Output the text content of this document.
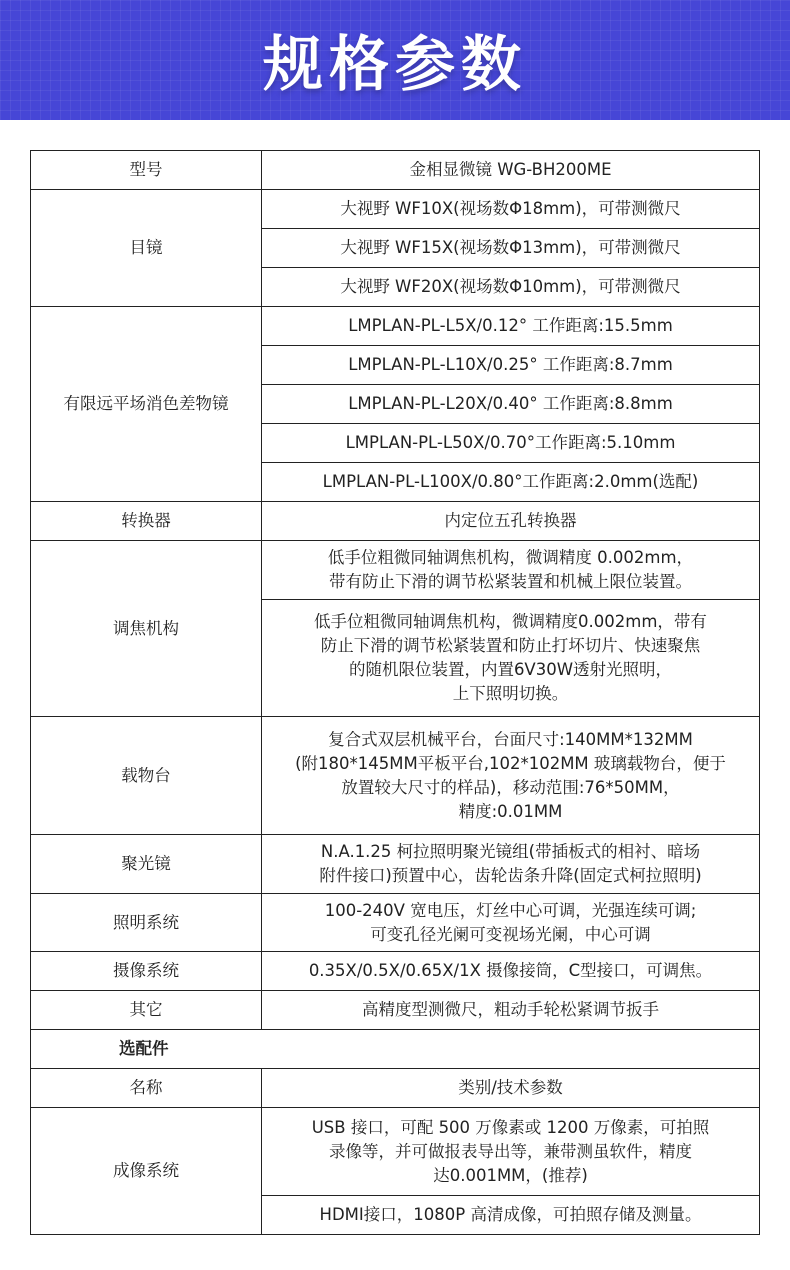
规格参数
型号	金相显微镜 WG-BH200ME
目镜	大视野 WF10X(视场数Φ18mm)，可带测微尺
	大视野 WF15X(视场数Φ13mm)，可带测微尺
	大视野 WF20X(视场数Φ10mm)，可带测微尺
有限远平场消色差物镜	LMPLAN-PL-L5X/0.12° 工作距离:15.5mm
	LMPLAN-PL-L10X/0.25° 工作距离:8.7mm
	LMPLAN-PL-L20X/0.40° 工作距离:8.8mm
	LMPLAN-PL-L50X/0.70°工作距离:5.10mm
	LMPLAN-PL-L100X/0.80°工作距离:2.0mm(选配)
转换器	内定位五孔转换器
调焦机构	低手位粗微同轴调焦机构，微调精度 0.002mm，
带有防止下滑的调节松紧装置和机械上限位装置。
	低手位粗微同轴调焦机构，微调精度0.002mm，带有
防止下滑的调节松紧装置和防止打坏切片、快速聚焦
的随机限位装置，内置6V30W透射光照明，
上下照明切换。
载物台	复合式双层机械平台，台面尺寸:140MM*132MM
(附180*145MM平板平台,102*102MM 玻璃载物台，便于
放置较大尺寸的样品)，移动范围:76*50MM，
精度:0.01MM
聚光镜	N.A.1.25 柯拉照明聚光镜组(带插板式的相衬、暗场
附件接口)预置中心，齿轮齿条升降(固定式柯拉照明)
照明系统	100-240V 宽电压，灯丝中心可调，光强连续可调;
可变孔径光阑可变视场光阑，中心可调
摄像系统	0.35X/0.5X/0.65X/1X 摄像接筒，C型接口，可调焦。
其它	高精度型测微尺，粗动手轮松紧调节扳手
选配件	
名称	类别/技术参数
成像系统	USB 接口，可配 500 万像素或 1200 万像素，可拍照
录像等，并可做报表导出等，兼带测虽软件，精度
达0.001MM，(推荐)
	HDMI接口，1080P 高清成像，可拍照存储及测量。
